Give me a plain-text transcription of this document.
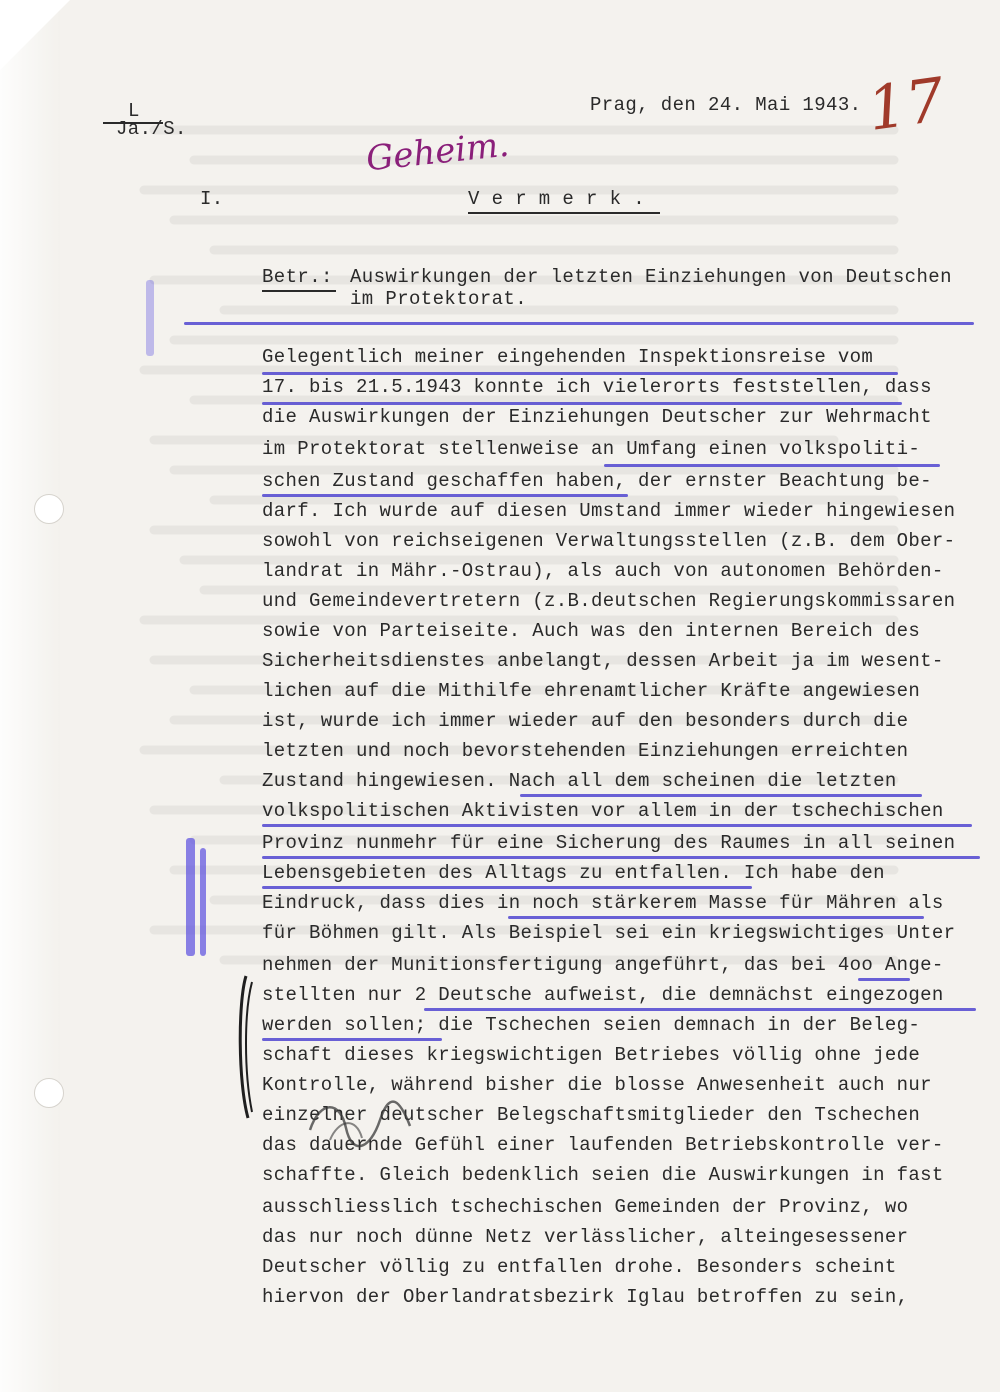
L
Ja./S.
Prag, den 24. Mai 1943. 17
Geheim.
I.	V e r m e r k .
Betr.: Auswirkungen der letzten Einziehungen von Deutschen
im Protektorat.
Gelegentlich meiner eingehenden Inspektionsreise vom
17. bis 21.5.1943 konnte ich vielerorts feststellen, dass
die Auswirkungen der Einziehungen Deutscher zur Wehrmacht
im Protektorat stellenweise an Umfang einen volkspoliti-
schen Zustand geschaffen haben, der ernster Beachtung be-
darf. Ich wurde auf diesen Umstand immer wieder hingewiesen
sowohl von reichseigenen Verwaltungsstellen (z.B. dem Ober-
landrat in Mähr.-Ostrau), als auch von autonomen Behörden-
und Gemeindevertretern (z.B.deutschen Regierungskommissaren
sowie von Parteiseite. Auch was den internen Bereich des
Sicherheitsdienstes anbelangt, dessen Arbeit ja im wesent-
lichen auf die Mithilfe ehrenamtlicher Kräfte angewiesen
ist, wurde ich immer wieder auf den besonders durch die
letzten und noch bevorstehenden Einziehungen erreichten
Zustand hingewiesen. Nach all dem scheinen die letzten
volkspolitischen Aktivisten vor allem in der tschechischen
Provinz nunmehr für eine Sicherung des Raumes in all seinen
Lebensgebieten des Alltags zu entfallen. Ich habe den
Eindruck, dass dies in noch stärkerem Masse für Mähren als
für Böhmen gilt. Als Beispiel sei ein kriegswichtiges Unter
nehmen der Munitionsfertigung angeführt, das bei 4oo Ange-
stellten nur 2 Deutsche aufweist, die demnächst eingezogen
werden sollen; die Tschechen seien demnach in der Beleg-
schaft dieses kriegswichtigen Betriebes völlig ohne jede
Kontrolle, während bisher die blosse Anwesenheit auch nur
einzelner deutscher Belegschaftsmitglieder den Tschechen
das dauernde Gefühl einer laufenden Betriebskontrolle ver-
schaffte. Gleich bedenklich seien die Auswirkungen in fast
ausschliesslich tschechischen Gemeinden der Provinz, wo
das nur noch dünne Netz verlässlicher, alteingesessener
Deutscher völlig zu entfallen drohe. Besonders scheint
hiervon der Oberlandratsbezirk Iglau betroffen zu sein,
